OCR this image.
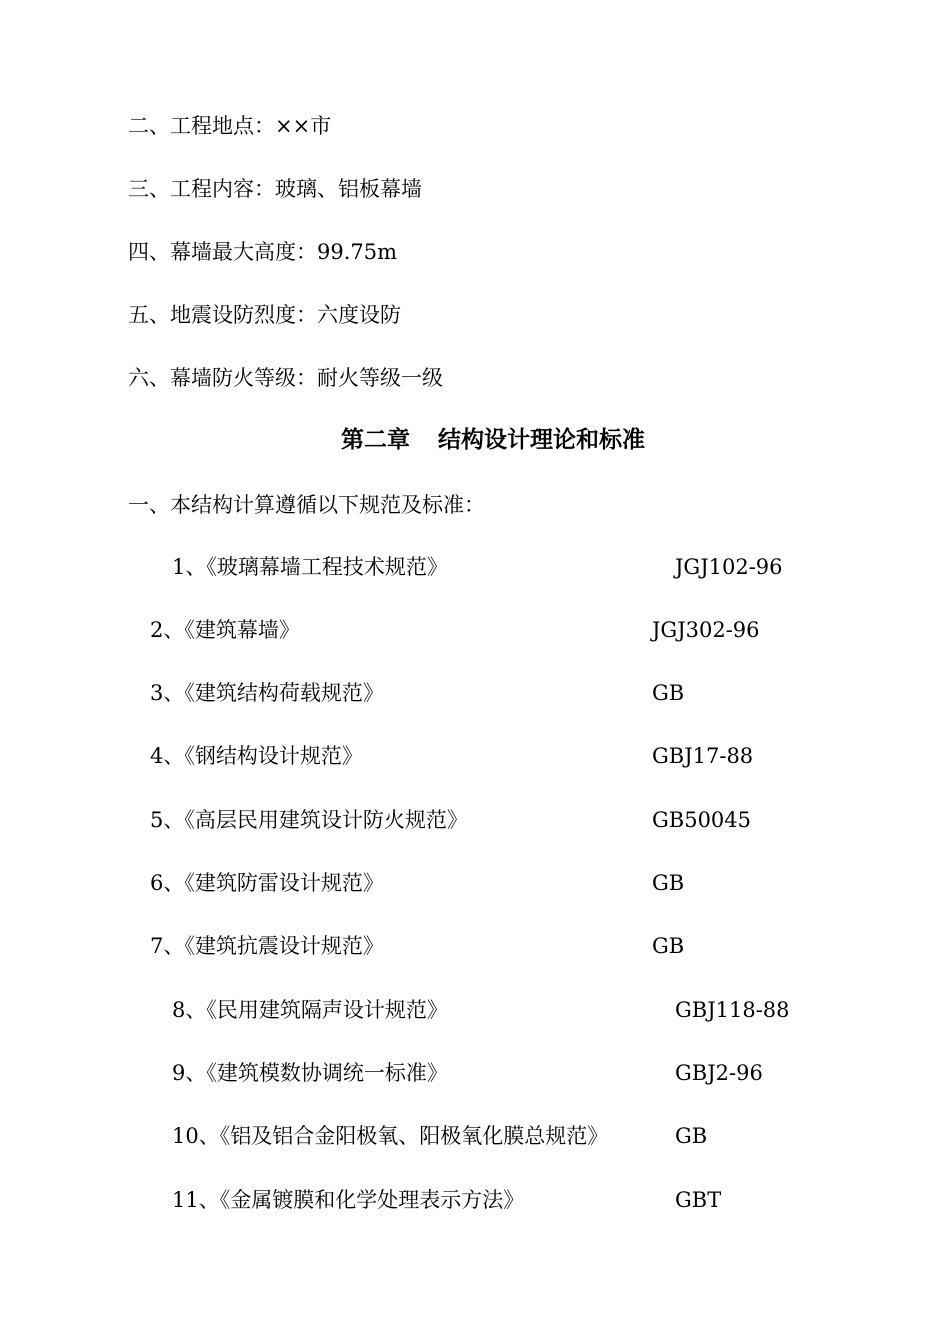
二、工程地点：××市
三、工程内容：玻璃、铝板幕墙
四、幕墙最大高度：99.75m
五、地震设防烈度：六度设防
六、幕墙防火等级：耐火等级一级
第二章 结构设计理论和标准
一、本结构计算遵循以下规范及标准：
1、《玻璃幕墙工程技术规范》	JGJ102-96
2、《建筑幕墙》	JGJ302-96
3、《建筑结构荷载规范》	GB
4、《钢结构设计规范》	GBJ17-88
5、《高层民用建筑设计防火规范》	GB50045
6、《建筑防雷设计规范》	GB
7、《建筑抗震设计规范》	GB
8、《民用建筑隔声设计规范》	GBJ118-88
9、《建筑模数协调统一标准》	GBJ2-96
10、《铝及铝合金阳极氧、阳极氧化膜总规范》	GB
11、《金属镀膜和化学处理表示方法》	GBT
